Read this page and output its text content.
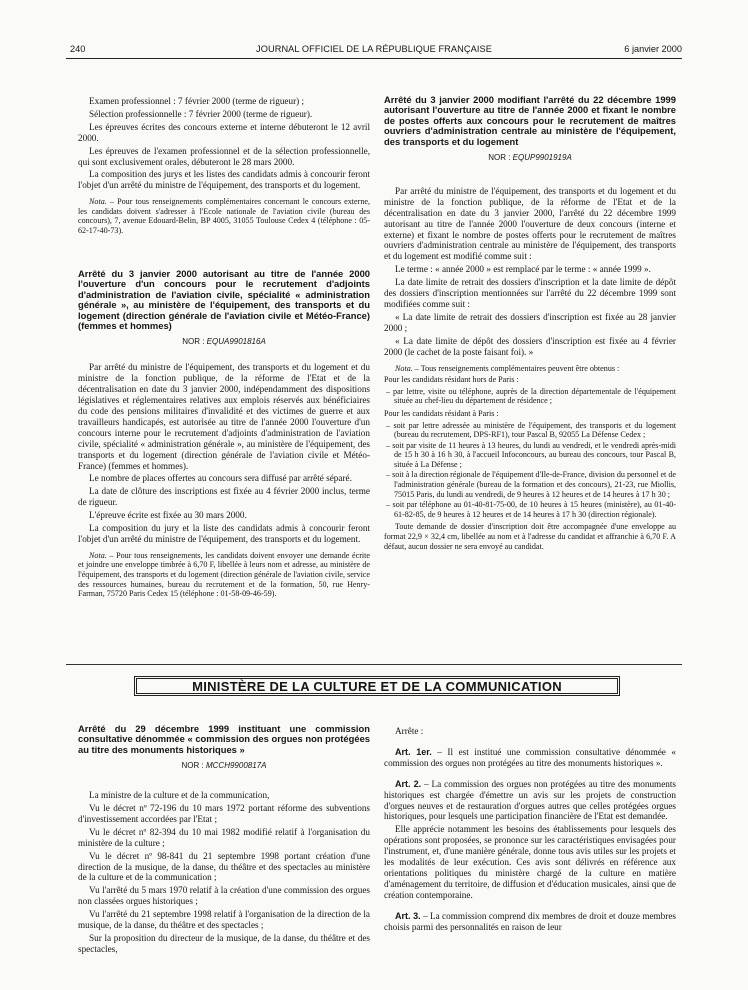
240	JOURNAL OFFICIEL DE LA RÉPUBLIQUE FRANÇAISE	6 janvier 2000

Examen professionnel : 7 février 2000 (terme de rigueur) ;

Sélection professionnelle : 7 février 2000 (terme de rigueur).

Les épreuves écrites des concours externe et interne débuteront le 12 avril 2000.

Les épreuves de l'examen professionnel et de la sélection professionnelle, qui sont exclusivement orales, débuteront le 28 mars 2000.

La composition des jurys et les listes des candidats admis à concourir feront l'objet d'un arrêté du ministre de l'équipement, des transports et du logement.

Nota. – Pour tous renseignements complémentaires concernant le concours externe, les candidats doivent s'adresser à l'Ecole nationale de l'aviation civile (bureau des concours), 7, avenue Edouard-Belin, BP 4005, 31055 Toulouse Cedex 4 (téléphone : 05-62-17-40-73).

Arrêté du 3 janvier 2000 autorisant au titre de l'année 2000 l'ouverture d'un concours pour le recrutement d'adjoints d'administration de l'aviation civile, spécialité « administration générale », au ministère de l'équipement, des transports et du logement (direction générale de l'aviation civile et Météo-France) (femmes et hommes)
NOR : EQUA9901816A

Par arrêté du ministre de l'équipement, des transports et du logement et du ministre de la fonction publique, de la réforme de l'Etat et de la décentralisation en date du 3 janvier 2000, indépendamment des dispositions législatives et réglementaires relatives aux emplois réservés aux bénéficiaires du code des pensions militaires d'invalidité et des victimes de guerre et aux travailleurs handicapés, est autorisée au titre de l'année 2000 l'ouverture d'un concours interne pour le recrutement d'adjoints d'administration de l'aviation civile, spécialité « administration générale », au ministère de l'équipement, des transports et du logement (direction générale de l'aviation civile et Météo-France) (femmes et hommes).

Le nombre de places offertes au concours sera diffusé par arrêté séparé.

La date de clôture des inscriptions est fixée au 4 février 2000 inclus, terme de rigueur.

L'épreuve écrite est fixée au 30 mars 2000.

La composition du jury et la liste des candidats admis à concourir feront l'objet d'un arrêté du ministre de l'équipement, des transports et du logement.

Nota. – Pour tous renseignements, les candidats doivent envoyer une demande écrite et joindre une enveloppe timbrée à 6,70 F, libellée à leurs nom et adresse, au ministère de l'équipement, des transports et du logement (direction générale de l'aviation civile, service des ressources humaines, bureau du recrutement et de la formation, 50, rue Henry-Farman, 75720 Paris Cedex 15 (téléphone : 01-58-09-46-59).

Arrêté du 3 janvier 2000 modifiant l'arrêté du 22 décembre 1999 autorisant l'ouverture au titre de l'année 2000 et fixant le nombre de postes offerts aux concours pour le recrutement de maîtres ouvriers d'administration centrale au ministère de l'équipement, des transports et du logement
NOR : EQUP9901919A

Par arrêté du ministre de l'équipement, des transports et du logement et du ministre de la fonction publique, de la réforme de l'Etat et de la décentralisation en date du 3 janvier 2000, l'arrêté du 22 décembre 1999 autorisant au titre de l'année 2000 l'ouverture de deux concours (interne et externe) et fixant le nombre de postes offerts pour le recrutement de maîtres ouvriers d'administration centrale au ministère de l'équipement, des transports et du logement est modifié comme suit :

Le terme : « année 2000 » est remplacé par le terme : « année 1999 ».

La date limite de retrait des dossiers d'inscription et la date limite de dépôt des dossiers d'inscription mentionnées sur l'arrêté du 22 décembre 1999 sont modifiées comme suit :

« La date limite de retrait des dossiers d'inscription est fixée au 28 janvier 2000 ;

« La date limite de dépôt des dossiers d'inscription est fixée au 4 février 2000 (le cachet de la poste faisant foi). »

Nota. – Tous renseignements complémentaires peuvent être obtenus :

Pour les candidats résidant hors de Paris :

– par lettre, visite ou téléphone, auprès de la direction départementale de l'équipement située au chef-lieu du département de résidence ;

Pour les candidats résidant à Paris :

– soit par lettre adressée au ministère de l'équipement, des transports et du logement (bureau du recrutement, DPS-RF1), tour Pascal B, 92055 La Défense Cedex ;
– soit par visite de 11 heures à 13 heures, du lundi au vendredi, et le vendredi après-midi de 15 h 30 à 16 h 30, à l'accueil Infoconcours, au bureau des concours, tour Pascal B, située à La Défense ;
– soit à la direction régionale de l'équipement d'Ile-de-France, division du personnel et de l'administration générale (bureau de la formation et des concours), 21-23, rue Miollis, 75015 Paris, du lundi au vendredi, de 9 heures à 12 heures et de 14 heures à 17 h 30 ;
– soit par téléphone au 01-40-81-75-00, de 10 heures à 15 heures (ministère), au 01-40-61-82-85, de 9 heures à 12 heures et de 14 heures à 17 h 30 (direction régionale).

Toute demande de dossier d'inscription doit être accompagnée d'une enveloppe au format 22,9 × 32,4 cm, libellée au nom et à l'adresse du candidat et affranchie à 6,70 F. A défaut, aucun dossier ne sera envoyé au candidat.

MINISTÈRE DE LA CULTURE ET DE LA COMMUNICATION
Arrêté du 29 décembre 1999 instituant une commission consultative dénommée « commission des orgues non protégées au titre des monuments historiques »
NOR : MCCH9900817A

La ministre de la culture et de la communication,

Vu le décret nº 72-196 du 10 mars 1972 portant réforme des subventions d'investissement accordées par l'Etat ;

Vu le décret nº 82-394 du 10 mai 1982 modifié relatif à l'organisation du ministère de la culture ;

Vu le décret nº 98-841 du 21 septembre 1998 portant création d'une direction de la musique, de la danse, du théâtre et des spectacles au ministère de la culture et de la communication ;

Vu l'arrêté du 5 mars 1970 relatif à la création d'une commission des orgues non classées orgues historiques ;

Vu l'arrêté du 21 septembre 1998 relatif à l'organisation de la direction de la musique, de la danse, du théâtre et des spectacles ;

Sur la proposition du directeur de la musique, de la danse, du théâtre et des spectacles,

Arrête :

Art. 1er. – Il est institué une commission consultative dénommée « commission des orgues non protégées au titre des monuments historiques ».

Art. 2. – La commission des orgues non protégées au titre des monuments historiques est chargée d'émettre un avis sur les projets de construction d'orgues neuves et de restauration d'orgues autres que celles protégées orgues historiques, pour lesquels une participation financière de l'Etat est demandée.

Elle apprécie notamment les besoins des établissements pour lesquels des opérations sont proposées, se prononce sur les caractéristiques envisagées pour l'instrument, et, d'une manière générale, donne tous avis utiles sur les projets et les modalités de leur exécution. Ces avis sont délivrés en référence aux orientations politiques du ministère chargé de la culture en matière d'aménagement du territoire, de diffusion et d'éducation musicales, ainsi que de création contemporaine.

Art. 3. – La commission comprend dix membres de droit et douze membres choisis parmi des personnalités en raison de leur
